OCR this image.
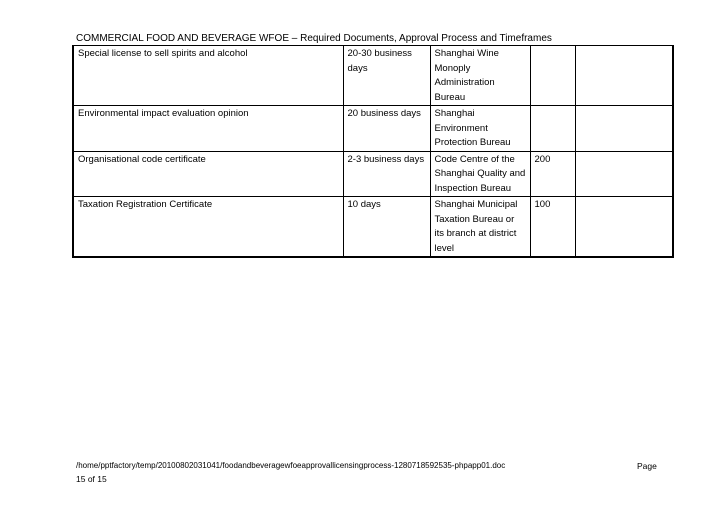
COMMERCIAL FOOD AND BEVERAGE WFOE – Required Documents, Approval Process and Timeframes
Special license to sell spirits and alcohol	20-30 business days	Shanghai Wine Monoply Administration Bureau		
Environmental impact evaluation opinion	20 business days	Shanghai Environment Protection Bureau		
Organisational code certificate	2-3 business days	Code Centre of the Shanghai Quality and Inspection Bureau	200	
Taxation Registration Certificate	10 days	Shanghai Municipal Taxation Bureau or its branch at district level	100	
/home/pptfactory/temp/20100802031041/foodandbeveragewfoeapprovallicensingprocess-1280718592535-phpapp01.doc	Page
15 of 15
